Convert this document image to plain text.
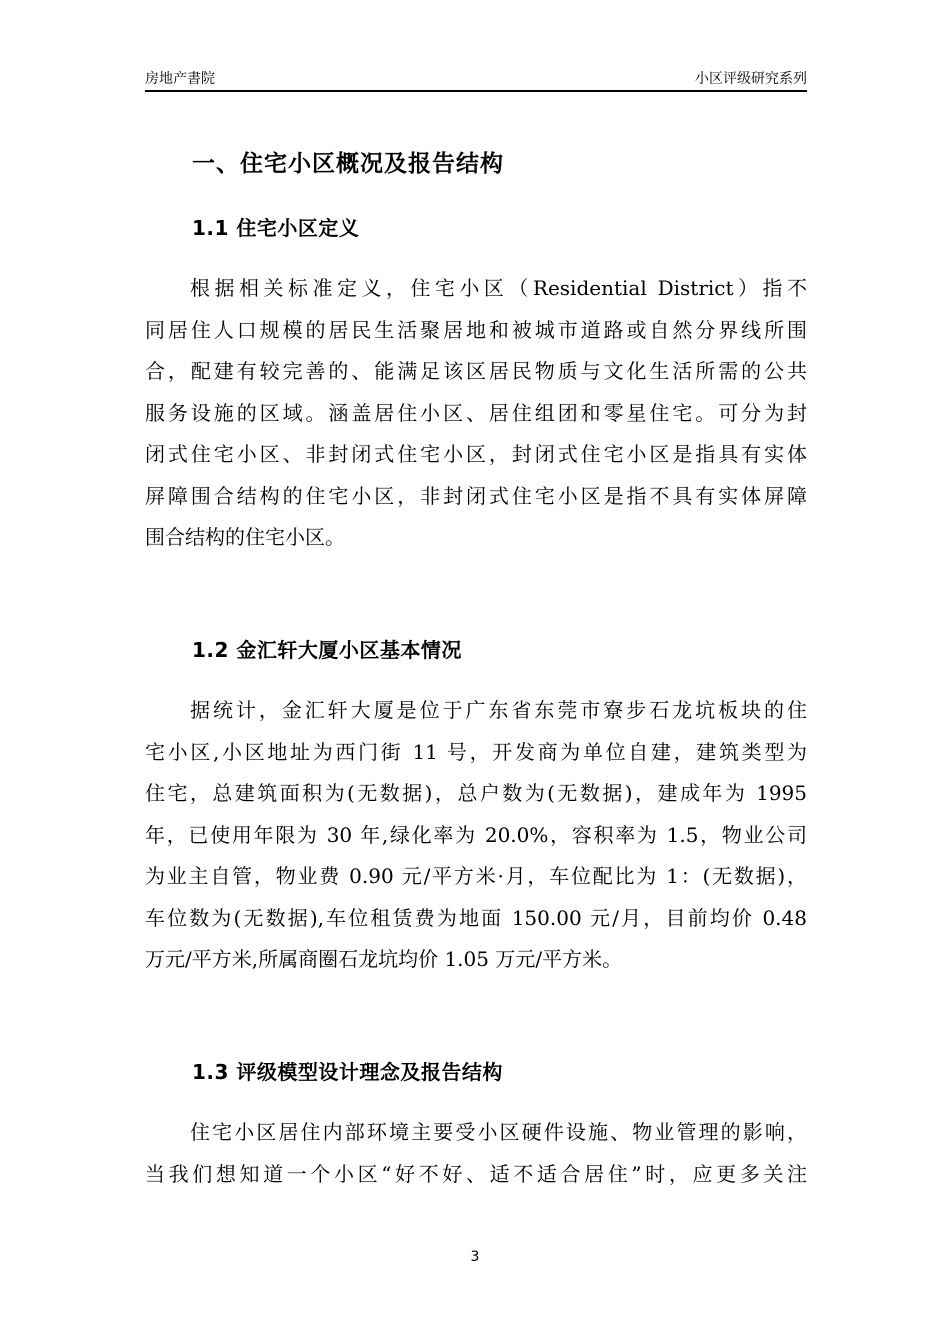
房地产書院	小区评级研究系列
一、住宅小区概况及报告结构
1.1 住宅小区定义
根据相关标准定义，住宅小区（Residential District）指不
同居住人口规模的居民生活聚居地和被城市道路或自然分界线所围
合，配建有较完善的、能满足该区居民物质与文化生活所需的公共
服务设施的区域。涵盖居住小区、居住组团和零星住宅。可分为封
闭式住宅小区、非封闭式住宅小区，封闭式住宅小区是指具有实体
屏障围合结构的住宅小区，非封闭式住宅小区是指不具有实体屏障
围合结构的住宅小区。
1.2 金汇轩大厦小区基本情况
据统计，金汇轩大厦是位于广东省东莞市寮步石龙坑板块的住
宅小区,小区地址为西门街 11 号，开发商为单位自建，建筑类型为
住宅，总建筑面积为(无数据)，总户数为(无数据)，建成年为 1995
年，已使用年限为 30 年,绿化率为 20.0%，容积率为 1.5，物业公司
为业主自管，物业费 0.90 元/平方米·月，车位配比为 1：(无数据)，
车位数为(无数据),车位租赁费为地面 150.00 元/月，目前均价 0.48
万元/平方米,所属商圈石龙坑均价 1.05 万元/平方米。
1.3 评级模型设计理念及报告结构
住宅小区居住内部环境主要受小区硬件设施、物业管理的影响，
当我们想知道一个小区“好不好、适不适合居住”时，应更多关注
3
